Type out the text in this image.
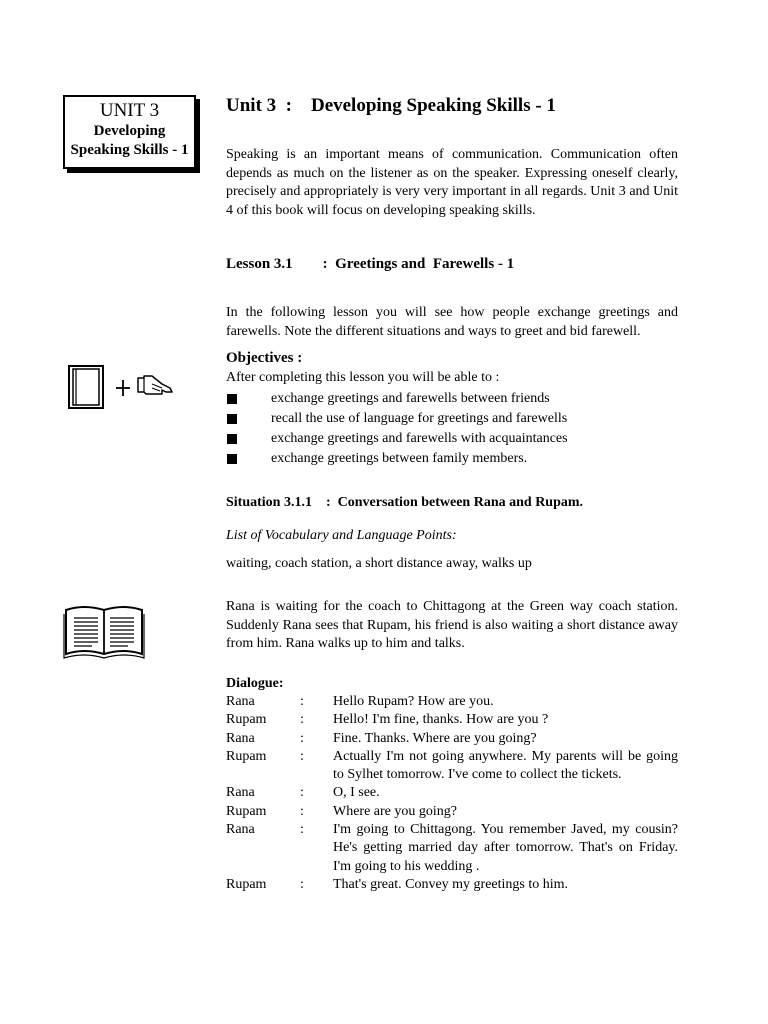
UNIT 3
Developing
Speaking Skills - 1
Unit 3  :    Developing Speaking Skills - 1
Speaking is an important means of communication. Communication often depends as much on the listener as on the speaker. Expressing oneself clearly, precisely and appropriately is very very important in all regards. Unit 3 and Unit 4 of this book will focus on developing speaking skills.
Lesson 3.1        :  Greetings and  Farewells - 1
In the following lesson you will see how people exchange greetings and farewells. Note the different situations and ways to greet and bid farewell.
Objectives :
After completing this lesson you will be able to :
exchange greetings and farewells between friends
recall the use of language for greetings and farewells
exchange greetings and farewells with acquaintances
exchange greetings between family members.
Situation 3.1.1    :  Conversation between Rana and Rupam.
List of Vocabulary and Language Points:
waiting, coach station, a short distance away, walks up
Rana is waiting for the coach to Chittagong at the Green way coach station. Suddenly Rana sees that Rupam, his friend is also waiting a short distance away from him. Rana walks up to him and talks.
Dialogue:
Rana	:	Hello Rupam? How are you.
Rupam	:	Hello! I'm fine, thanks. How are you ?
Rana	:	Fine. Thanks. Where are you going?
Rupam	:	Actually I'm not going anywhere. My parents will be going to Sylhet tomorrow. I've come to collect the tickets.
Rana	:	O, I see.
Rupam	:	Where are you going?
Rana	:	I'm going to Chittagong. You remember Javed, my cousin? He's getting married day after tomorrow. That's on Friday. I'm going to his wedding .
Rupam	:	That's great. Convey my greetings to him.
